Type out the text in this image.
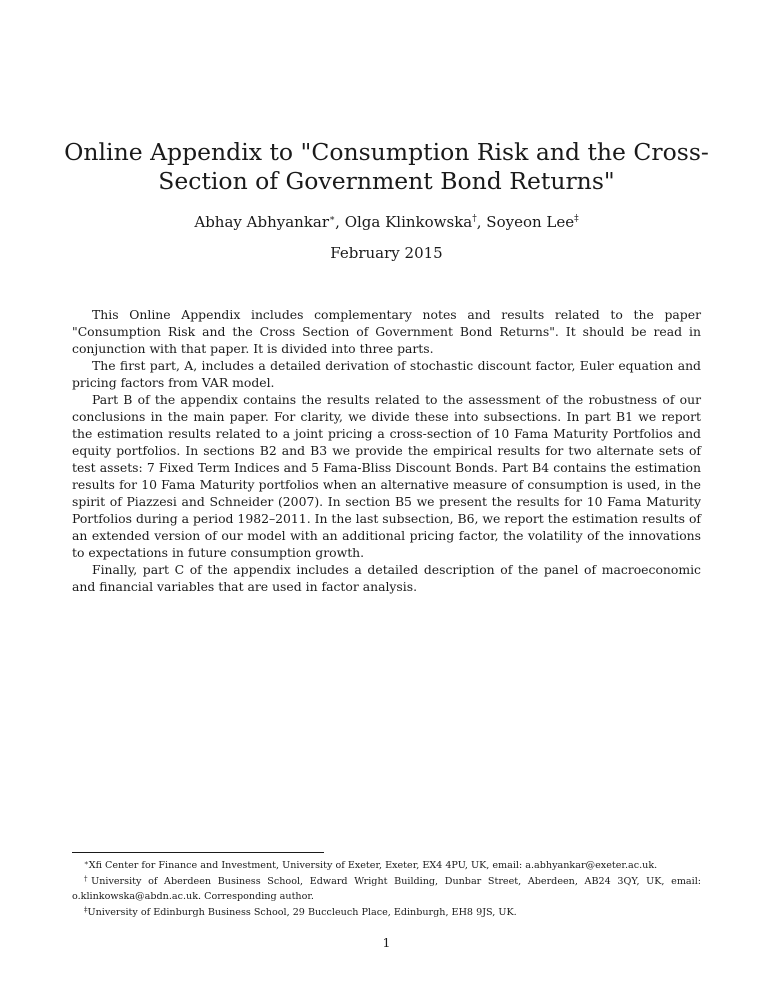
Online Appendix to "Consumption Risk and the Cross-Section of Government Bond Returns"
Abhay Abhyankar∗, Olga Klinkowska†, Soyeon Lee‡
February 2015

This Online Appendix includes complementary notes and results related to the paper "Consumption Risk and the Cross Section of Government Bond Returns". It should be read in conjunction with that paper. It is divided into three parts.

The first part, A, includes a detailed derivation of stochastic discount factor, Euler equation and pricing factors from VAR model.

Part B of the appendix contains the results related to the assessment of the robustness of our conclusions in the main paper. For clarity, we divide these into subsections. In part B1 we report the estimation results related to a joint pricing a cross-section of 10 Fama Maturity Portfolios and equity portfolios. In sections B2 and B3 we provide the empirical results for two alternate sets of test assets: 7 Fixed Term Indices and 5 Fama-Bliss Discount Bonds. Part B4 contains the estimation results for 10 Fama Maturity portfolios when an alternative measure of consumption is used, in the spirit of Piazzesi and Schneider (2007). In section B5 we present the results for 10 Fama Maturity Portfolios during a period 1982–2011. In the last subsection, B6, we report the estimation results of an extended version of our model with an additional pricing factor, the volatility of the innovations to expectations in future consumption growth.

Finally, part C of the appendix includes a detailed description of the panel of macroeconomic and financial variables that are used in factor analysis.

∗Xfi Center for Finance and Investment, University of Exeter, Exeter, EX4 4PU, UK, email: a.abhyankar@exeter.ac.uk.

†University of Aberdeen Business School, Edward Wright Building, Dunbar Street, Aberdeen, AB24 3QY, UK, email: o.klinkowska@abdn.ac.uk. Corresponding author.

‡University of Edinburgh Business School, 29 Buccleuch Place, Edinburgh, EH8 9JS, UK.

1
